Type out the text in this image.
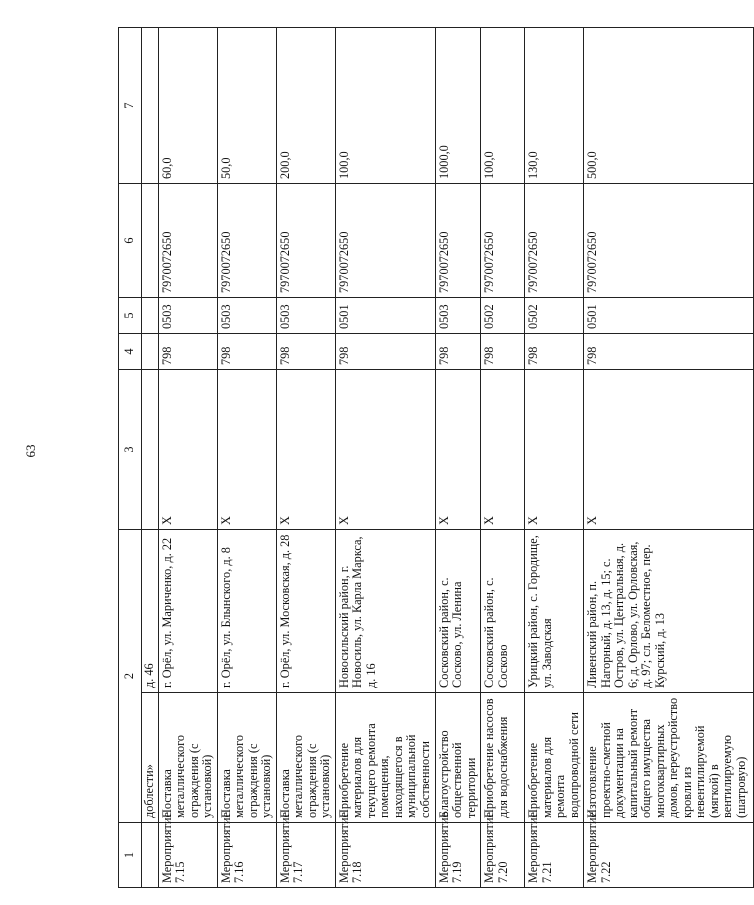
63
1	2		3	4	5	6	7
	доблести»	д. 46					
Мероприятие 7.15	Поставка металлического ограждения (с установкой)	г. Орёл, ул. Мариченко, д. 22	X	798	0503	7970072650	60,0
Мероприятие 7.16	Поставка металлического ограждения (с установкой)	г. Орёл, ул. Блынского, д. 8	X	798	0503	7970072650	50,0
Мероприятие 7.17	Поставка металлического ограждения (с установкой)	г. Орёл, ул. Московская, д. 28	X	798	0503	7970072650	200,0
Мероприятие 7.18	Приобретение материалов для текущего ремонта помещения, находящегося в муниципальной собственности	Новосильский район, г. Новосиль, ул. Карла Маркса, д. 16	X	798	0501	7970072650	100,0
Мероприятие 7.19	Благоустройство общественной территории	Сосковский район, с. Сосково, ул. Ленина	X	798	0503	7970072650	1000,0
Мероприятие 7.20	Приобретение насосов для водоснабжения	Сосковский район, с. Сосково	X	798	0502	7970072650	100,0
Мероприятие 7.21	Приобретение материалов для ремонта водопроводной сети	Урицкий район, с. Городище, ул. Заводская	X	798	0502	7970072650	130,0
Мероприятие 7.22	Изготовление проектно-сметной документации на капитальный ремонт общего имущества многоквартирных домов, переустройство кровли из невентилируемой (мягкой) в вентилируемую (шатровую)	Ливенский район, п. Нагорный, д. 13, д. 15; с. Остров, ул. Центральная, д. 6; д. Орлово, ул. Орловская, д. 97; сл. Беломестное, пер. Курский, д. 13	X	798	0501	7970072650	500,0
